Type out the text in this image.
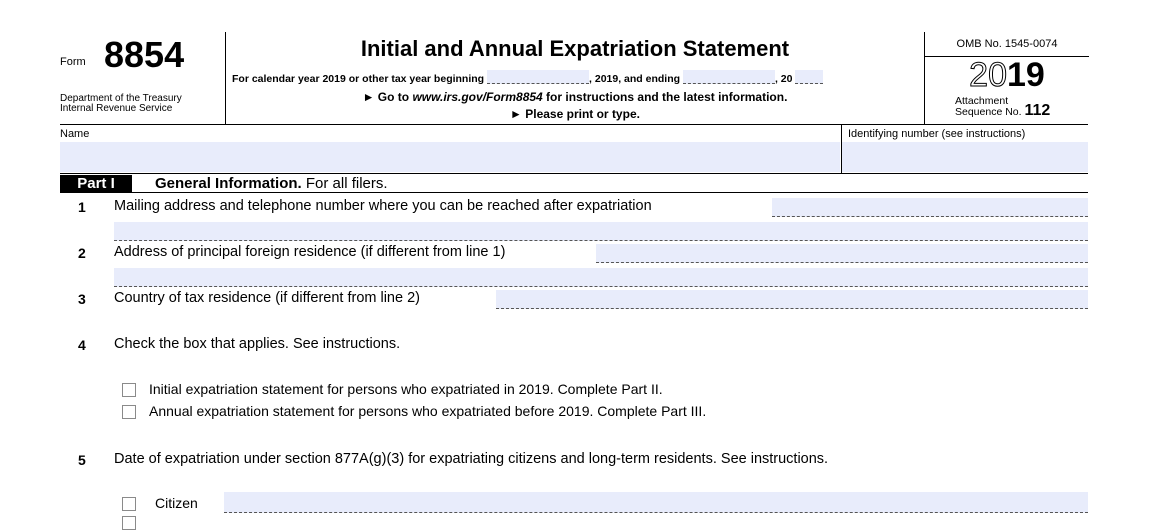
Form 8854
Department of the Treasury
Internal Revenue Service
Initial and Annual Expatriation Statement
For calendar year 2019 or other tax year beginning	, 2019, and ending	, 20
► Go to www.irs.gov/Form8854 for instructions and the latest information.
► Please print or type.
OMB No. 1545-0074
2019
Attachment
Sequence No. 112
Name	Identifying number (see instructions)
Part I	General Information. For all filers.
1 Mailing address and telephone number where you can be reached after expatriation
2 Address of principal foreign residence (if different from line 1)
3 Country of tax residence (if different from line 2)
4 Check the box that applies. See instructions.
Initial expatriation statement for persons who expatriated in 2019. Complete Part II.
Annual expatriation statement for persons who expatriated before 2019. Complete Part III.
5 Date of expatriation under section 877A(g)(3) for expatriating citizens and long-term residents. See instructions.
Citizen
